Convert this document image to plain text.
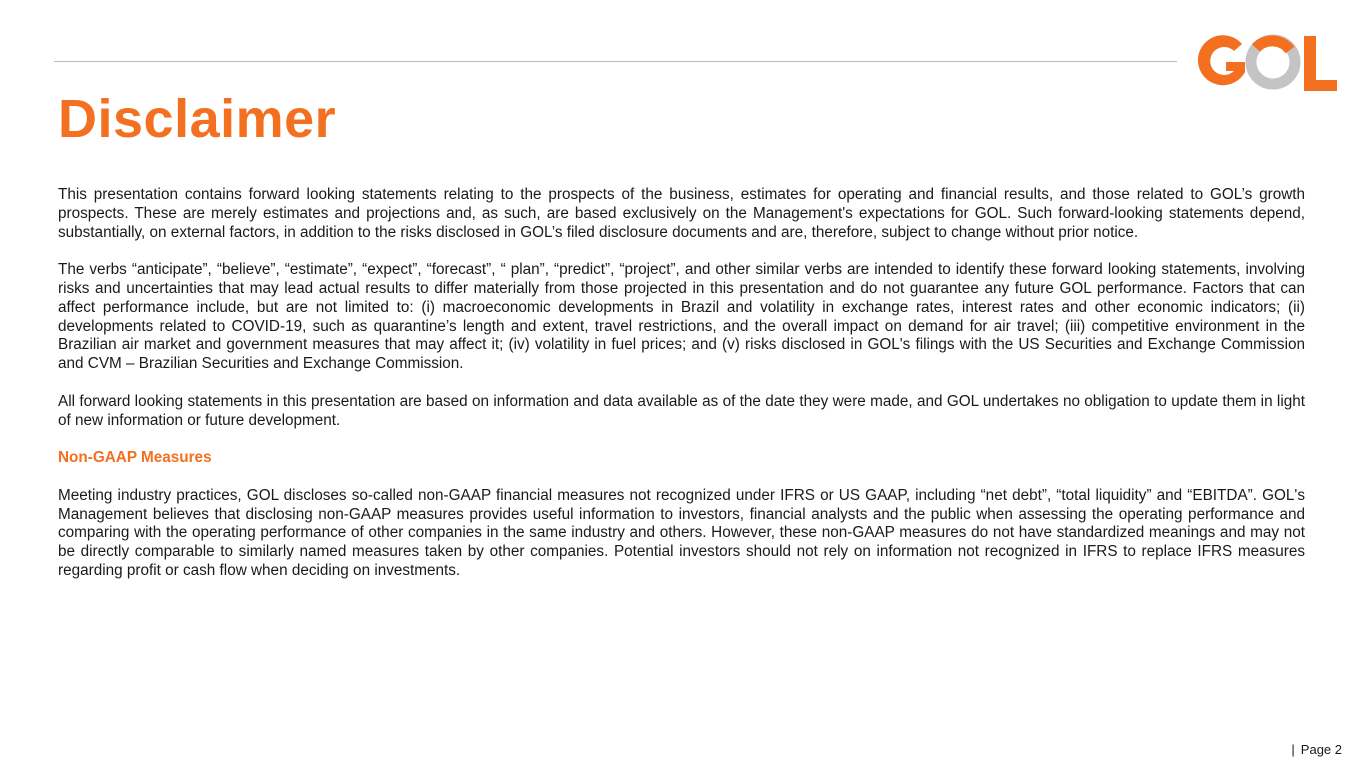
Disclaimer

This presentation contains forward looking statements relating to the prospects of the business, estimates for operating and financial results, and those related to GOL’s growth prospects. These are merely estimates and projections and, as such, are based exclusively on the Management's expectations for GOL. Such forward-looking statements depend, substantially, on external factors, in addition to the risks disclosed in GOL’s filed disclosure documents and are, therefore, subject to change without prior notice.

The verbs “anticipate”, “believe”, “estimate”, “expect”, “forecast”, “ plan”, “predict”, “project”, and other similar verbs are intended to identify these forward looking statements, involving risks and uncertainties that may lead actual results to differ materially from those projected in this presentation and do not guarantee any future GOL performance. Factors that can affect performance include, but are not limited to: (i) macroeconomic developments in Brazil and volatility in exchange rates, interest rates and other economic indicators; (ii) developments related to COVID-19, such as quarantine’s length and extent, travel restrictions, and the overall impact on demand for air travel; (iii) competitive environment in the Brazilian air market and government measures that may affect it; (iv) volatility in fuel prices; and (v) risks disclosed in GOL's filings with the US Securities and Exchange Commission and CVM – Brazilian Securities and Exchange Commission.

All forward looking statements in this presentation are based on information and data available as of the date they were made, and GOL undertakes no obligation to update them in light of new information or future development.

Non-GAAP Measures

Meeting industry practices, GOL discloses so-called non-GAAP financial measures not recognized under IFRS or US GAAP, including “net debt”, “total liquidity” and “EBITDA”. GOL's Management believes that disclosing non-GAAP measures provides useful information to investors, financial analysts and the public when assessing the operating performance and comparing with the operating performance of other companies in the same industry and others. However, these non-GAAP measures do not have standardized meanings and may not be directly comparable to similarly named measures taken by other companies. Potential investors should not rely on information not recognized in IFRS to replace IFRS measures regarding profit or cash flow when deciding on investments.

| Page 2
